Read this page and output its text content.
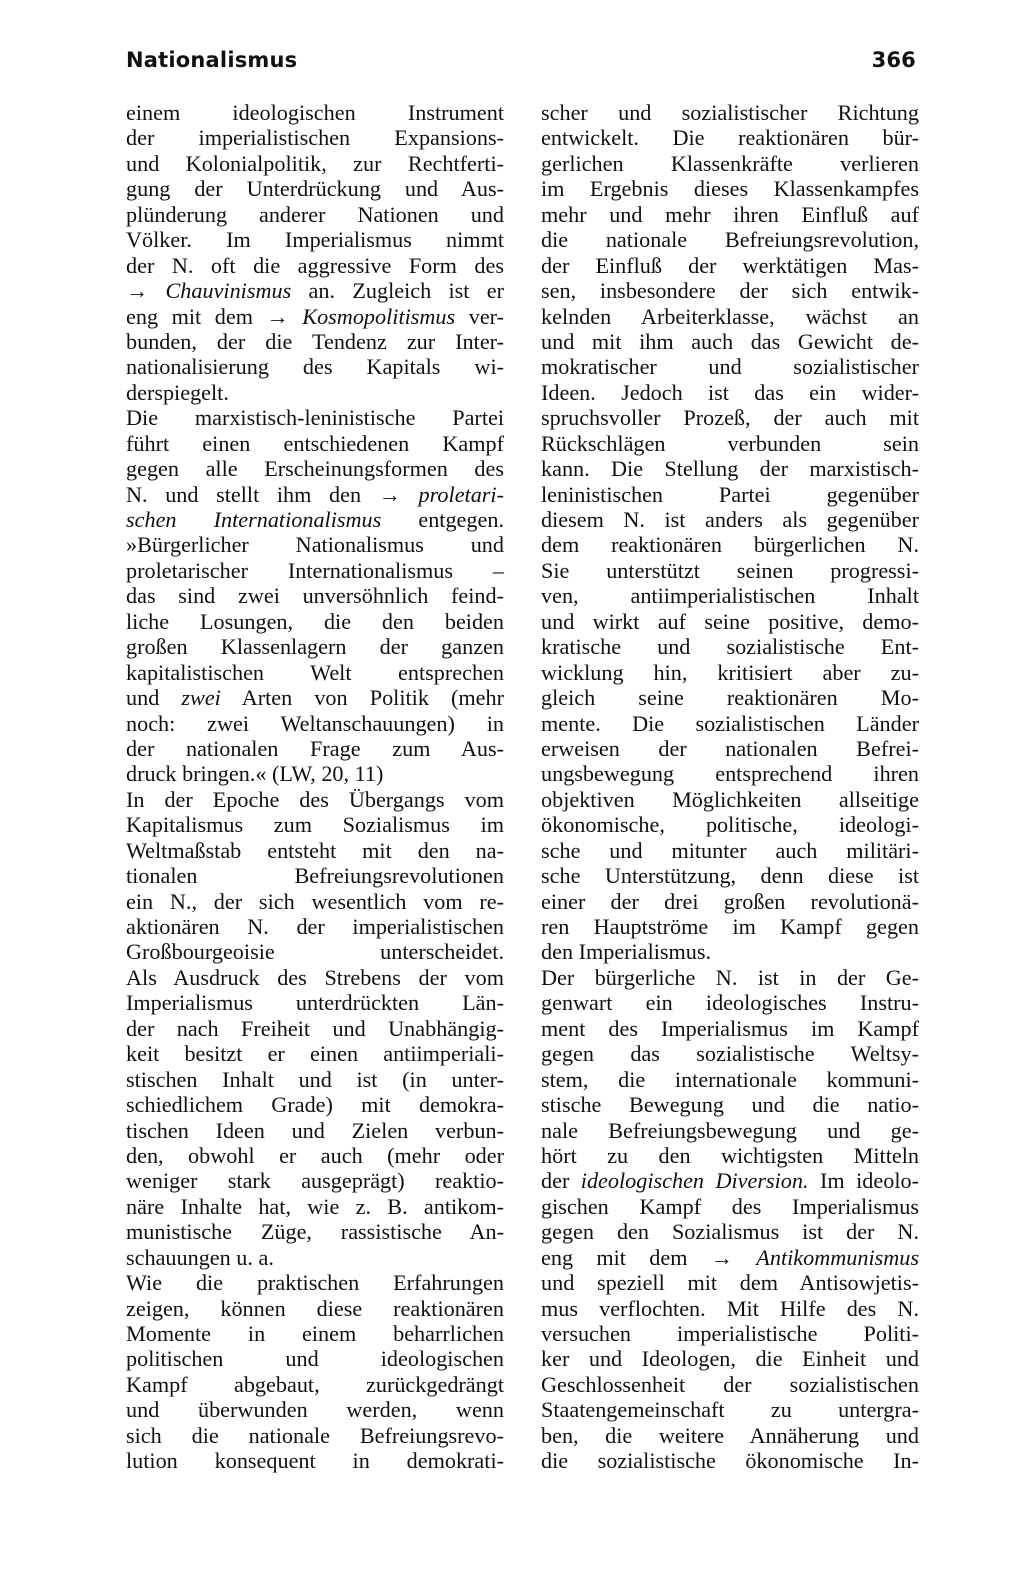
Nationalismus	366
einem ideologischen Instrument
der imperialistischen Expansions-
und Kolonialpolitik, zur Rechtferti-
gung der Unterdrückung und Aus-
plünderung anderer Nationen und
Völker. Im Imperialismus nimmt
der N. oft die aggressive Form des
→ Chauvinismus an. Zugleich ist er
eng mit dem → Kosmopolitismus ver-
bunden, der die Tendenz zur Inter-
nationalisierung des Kapitals wi-
derspiegelt.
Die marxistisch-leninistische Partei
führt einen entschiedenen Kampf
gegen alle Erscheinungsformen des
N. und stellt ihm den → proletari-
schen Internationalismus entgegen.
»Bürgerlicher Nationalismus und
proletarischer Internationalismus –
das sind zwei unversöhnlich feind-
liche Losungen, die den beiden
großen Klassenlagern der ganzen
kapitalistischen Welt entsprechen
und zwei Arten von Politik (mehr
noch: zwei Weltanschauungen) in
der nationalen Frage zum Aus-
druck bringen.« (LW, 20, 11)
In der Epoche des Übergangs vom
Kapitalismus zum Sozialismus im
Weltmaßstab entsteht mit den na-
tionalen Befreiungsrevolutionen
ein N., der sich wesentlich vom re-
aktionären N. der imperialistischen
Großbourgeoisie unterscheidet.
Als Ausdruck des Strebens der vom
Imperialismus unterdrückten Län-
der nach Freiheit und Unabhängig-
keit besitzt er einen antiimperiali-
stischen Inhalt und ist (in unter-
schiedlichem Grade) mit demokra-
tischen Ideen und Zielen verbun-
den, obwohl er auch (mehr oder
weniger stark ausgeprägt) reaktio-
näre Inhalte hat, wie z. B. antikom-
munistische Züge, rassistische An-
schauungen u. a.
Wie die praktischen Erfahrungen
zeigen, können diese reaktionären
Momente in einem beharrlichen
politischen und ideologischen
Kampf abgebaut, zurückgedrängt
und überwunden werden, wenn
sich die nationale Befreiungsrevo-
lution konsequent in demokrati-
scher und sozialistischer Richtung
entwickelt. Die reaktionären bür-
gerlichen Klassenkräfte verlieren
im Ergebnis dieses Klassenkampfes
mehr und mehr ihren Einfluß auf
die nationale Befreiungsrevolution,
der Einfluß der werktätigen Mas-
sen, insbesondere der sich entwik-
kelnden Arbeiterklasse, wächst an
und mit ihm auch das Gewicht de-
mokratischer und sozialistischer
Ideen. Jedoch ist das ein wider-
spruchsvoller Prozeß, der auch mit
Rückschlägen verbunden sein
kann. Die Stellung der marxistisch-
leninistischen Partei gegenüber
diesem N. ist anders als gegenüber
dem reaktionären bürgerlichen N.
Sie unterstützt seinen progressi-
ven, antiimperialistischen Inhalt
und wirkt auf seine positive, demo-
kratische und sozialistische Ent-
wicklung hin, kritisiert aber zu-
gleich seine reaktionären Mo-
mente. Die sozialistischen Länder
erweisen der nationalen Befrei-
ungsbewegung entsprechend ihren
objektiven Möglichkeiten allseitige
ökonomische, politische, ideologi-
sche und mitunter auch militäri-
sche Unterstützung, denn diese ist
einer der drei großen revolutionä-
ren Hauptströme im Kampf gegen
den Imperialismus.
Der bürgerliche N. ist in der Ge-
genwart ein ideologisches Instru-
ment des Imperialismus im Kampf
gegen das sozialistische Weltsy-
stem, die internationale kommuni-
stische Bewegung und die natio-
nale Befreiungsbewegung und ge-
hört zu den wichtigsten Mitteln
der ideologischen Diversion. Im ideolo-
gischen Kampf des Imperialismus
gegen den Sozialismus ist der N.
eng mit dem → Antikommunismus
und speziell mit dem Antisowjetis-
mus verflochten. Mit Hilfe des N.
versuchen imperialistische Politi-
ker und Ideologen, die Einheit und
Geschlossenheit der sozialistischen
Staatengemeinschaft zu untergra-
ben, die weitere Annäherung und
die sozialistische ökonomische In-
